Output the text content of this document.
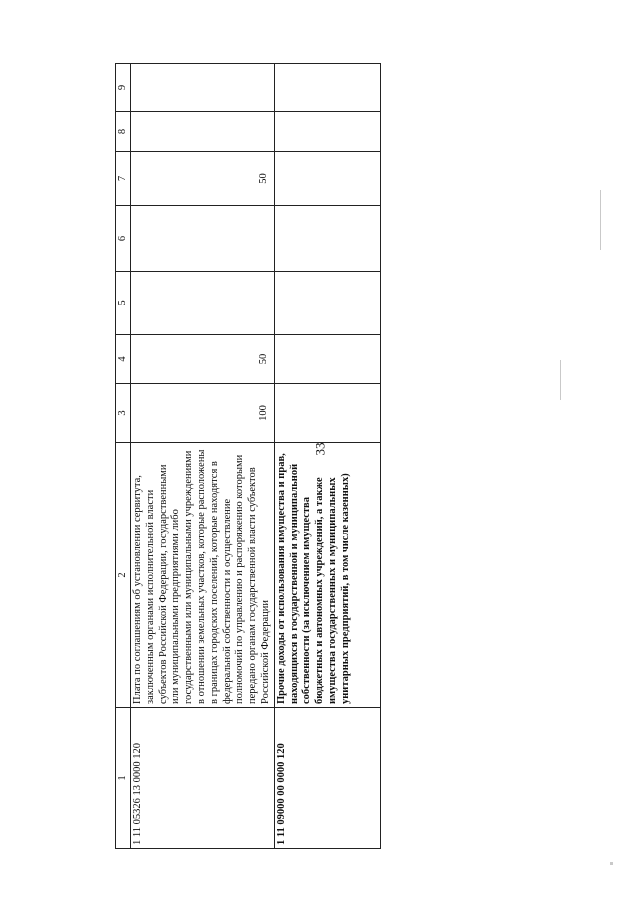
33
1	2	3	4	5	6	7	8	9
1 11 05326 13 0000 120	Плата по соглашениям об установлении сервитута, заключенным органами исполнительной власти субъектов Российской Федерации, государственными или муниципальными предприятиями либо государственными или муниципальными учреждениями в отношении земельных участков, которые расположены в границах городских поселений, которые находятся в федеральной собственности и осуществление полномочий по управлению и распоряжению которыми передано органам государственной власти субъектов Российской Федерации	100	50			50		
1 11 09000 00 0000 120	Прочие доходы от использования имущества и прав, находящихся в государственной и муниципальной собственности (за исключением имущества бюджетных и автономных учреждений, а также имущества государственных и муниципальных унитарных предприятий, в том числе казенных)							
